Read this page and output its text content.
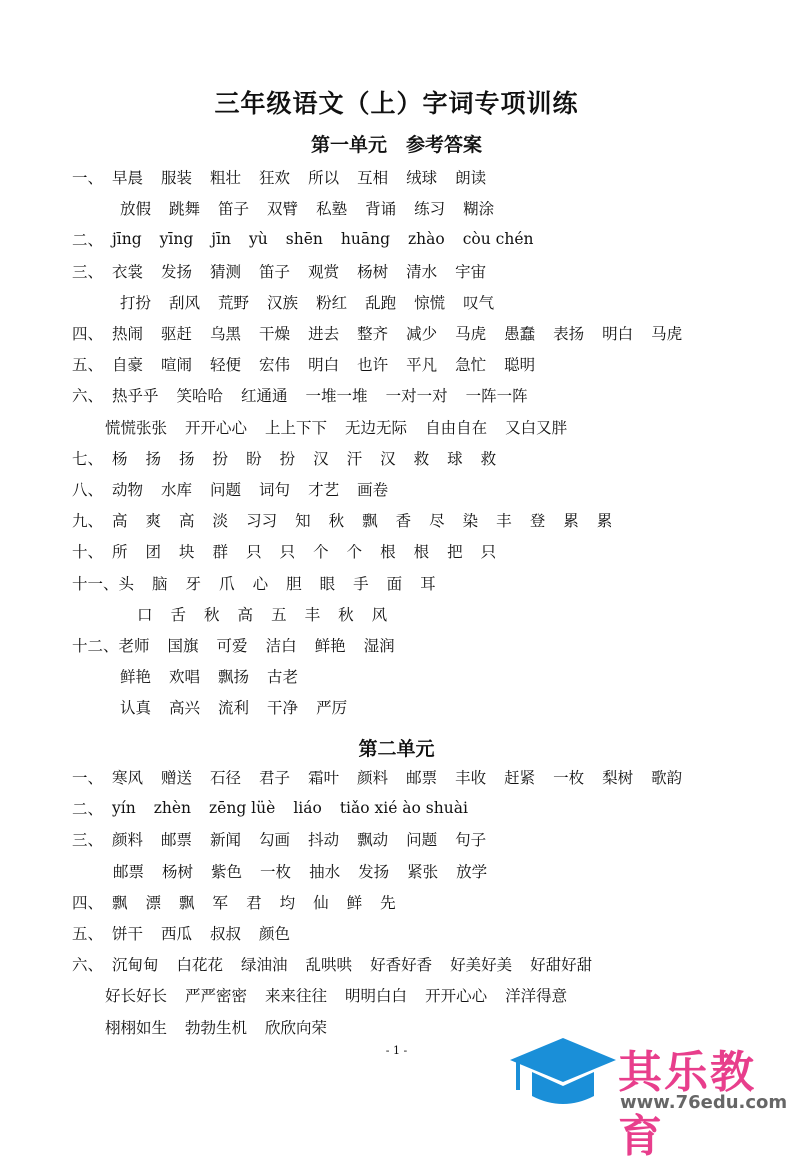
三年级语文（上）字词专项训练
第一单元　参考答案
一、 早晨 服装 粗壮 狂欢 所以 互相 绒球 朗读
放假 跳舞 笛子 双臂 私塾 背诵 练习 糊涂
二、 jīng yīng jīn yù shēn huāng zhào còu chén
三、 衣裳 发扬 猜测 笛子 观赏 杨树 清水 宇宙
打扮 刮风 荒野 汉族 粉红 乱跑 惊慌 叹气
四、 热闹 驱赶 乌黑 干燥 进去 整齐 减少 马虎 愚蠢 表扬 明白 马虎
五、 自豪 喧闹 轻便 宏伟 明白 也许 平凡 急忙 聪明
六、 热乎乎 笑哈哈 红通通 一堆一堆 一对一对 一阵一阵
慌慌张张 开开心心 上上下下 无边无际 自由自在 又白又胖
七、 杨 扬 扬 扮 盼 扮 汉 汗 汉 救 球 救
八、 动物 水库 问题 词句 才艺 画卷
九、 高 爽 高 淡 习习 知 秋 飘 香 尽 染 丰 登 累 累
十、 所 团 块 群 只 只 个 个 根 根 把 只
十一、 头 脑 牙 爪 心 胆 眼 手 面 耳
口 舌 秋 高 五 丰 秋 风
十二、 老师 国旗 可爱 洁白 鲜艳 湿润
鲜艳 欢唱 飘扬 古老
认真 高兴 流利 干净 严厉
第二单元
一、 寒风 赠送 石径 君子 霜叶 颜料 邮票 丰收 赶紧 一枚 梨树 歌韵
二、 yín zhèn zēng lüè liáo tiǎo xié ào shuài
三、 颜料 邮票 新闻 勾画 抖动 飘动 问题 句子
邮票 杨树 紫色 一枚 抽水 发扬 紧张 放学
四、 飘 漂 飘 军 君 均 仙 鲜 先
五、 饼干 西瓜 叔叔 颜色
六、 沉甸甸 白花花 绿油油 乱哄哄 好香好香 好美好美 好甜好甜
好长好长 严严密密 来来往往 明明白白 开开心心 洋洋得意
栩栩如生 勃勃生机 欣欣向荣
- 1 -	其乐教育
www.76edu.com
